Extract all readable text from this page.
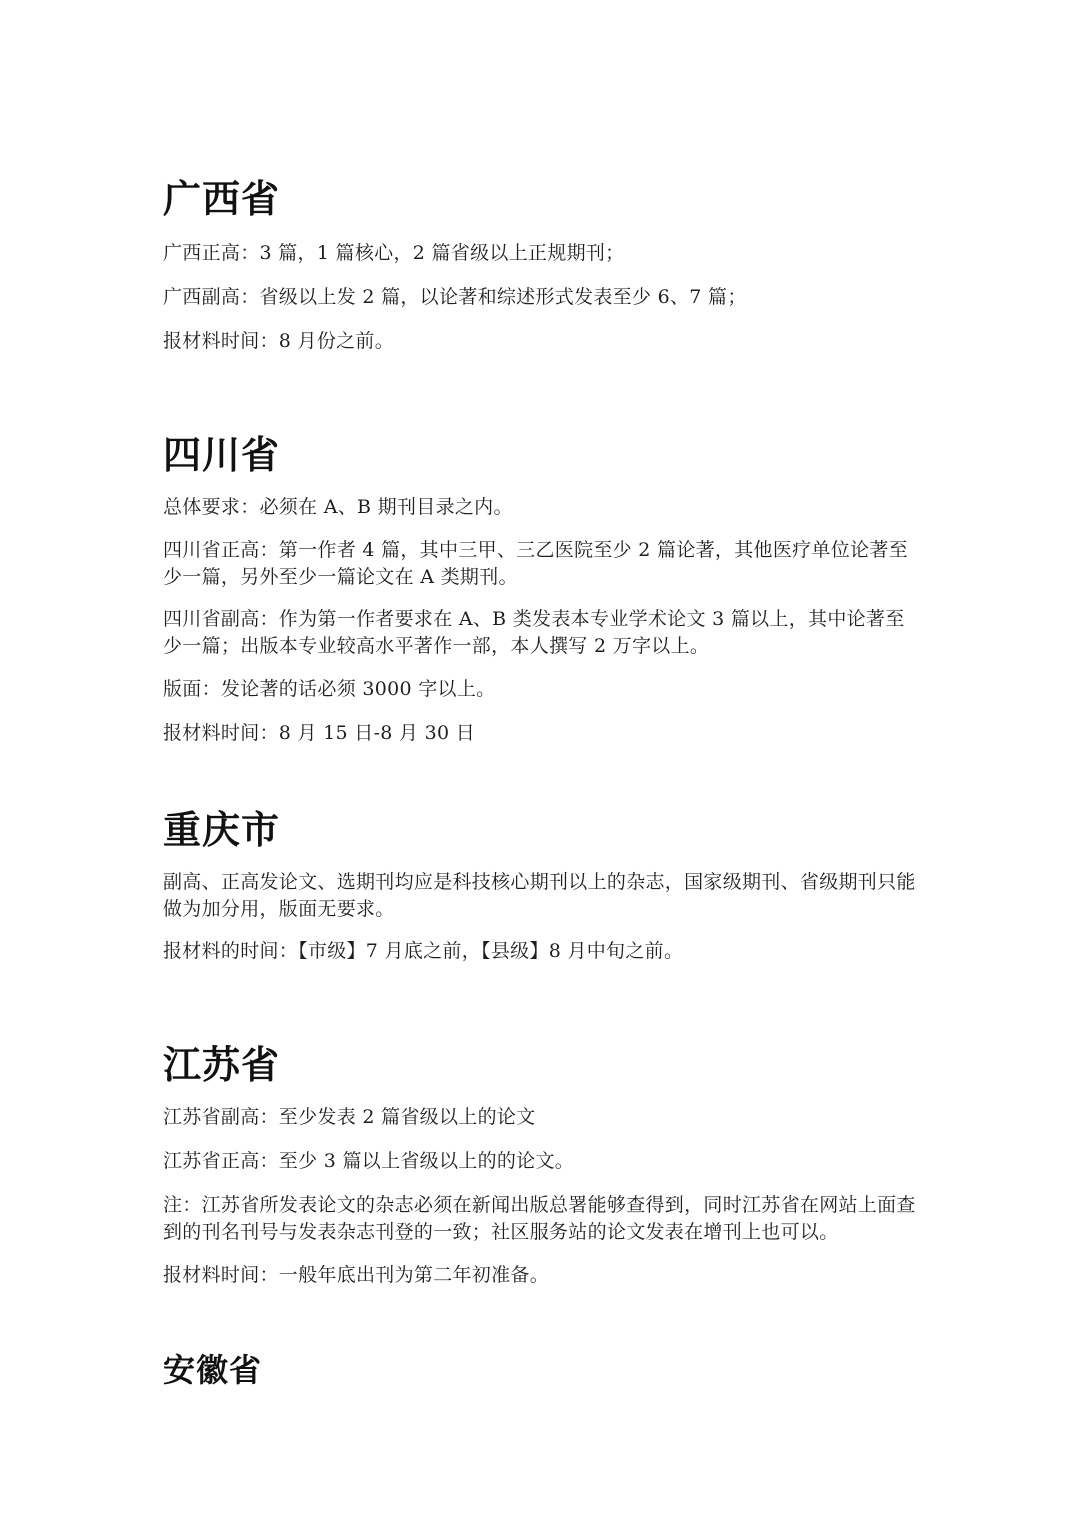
广西省

广西正高：3 篇，1 篇核心，2 篇省级以上正规期刊；

广西副高：省级以上发 2 篇，以论著和综述形式发表至少 6、7 篇；

报材料时间：8 月份之前。

四川省

总体要求：必须在 A、B 期刊目录之内。

四川省正高：第一作者 4 篇，其中三甲、三乙医院至少 2 篇论著，其他医疗单位论著至少一篇，另外至少一篇论文在 A 类期刊。

四川省副高：作为第一作者要求在 A、B 类发表本专业学术论文 3 篇以上，其中论著至少一篇；出版本专业较高水平著作一部，本人撰写 2 万字以上。

版面：发论著的话必须 3000 字以上。

报材料时间：8 月 15 日-8 月 30 日

重庆市

副高、正高发论文、选期刊均应是科技核心期刊以上的杂志，国家级期刊、省级期刊只能做为加分用，版面无要求。

报材料的时间：【市级】7 月底之前，【县级】8 月中旬之前。

江苏省

江苏省副高：至少发表 2 篇省级以上的论文

江苏省正高：至少 3 篇以上省级以上的的论文。

注：江苏省所发表论文的杂志必须在新闻出版总署能够查得到，同时江苏省在网站上面查到的刊名刊号与发表杂志刊登的一致；社区服务站的论文发表在增刊上也可以。

报材料时间：一般年底出刊为第二年初准备。

安徽省
